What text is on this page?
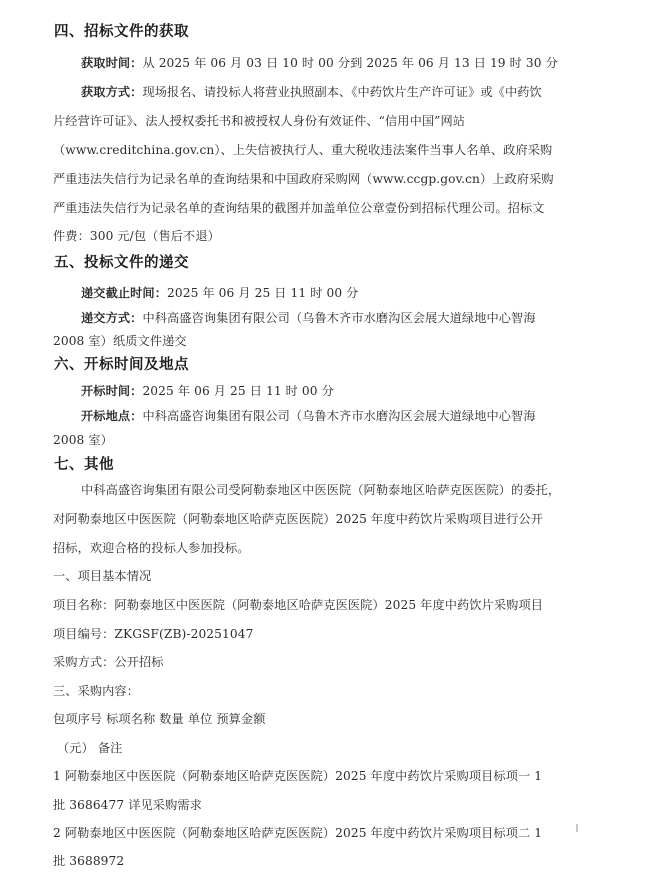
四、招标文件的获取
获取时间：从 2025 年 06 月 03 日 10 时 00 分到 2025 年 06 月 13 日 19 时 30 分
获取方式：现场报名、请投标人将营业执照副本、《中药饮片生产许可证》或《中药饮
片经营许可证》、法人授权委托书和被授权人身份有效证件、“信用中国”网站
（www.creditchina.gov.cn）、上失信被执行人、重大税收违法案件当事人名单、政府采购
严重违法失信行为记录名单的查询结果和中国政府采购网（www.ccgp.gov.cn）上政府采购
严重违法失信行为记录名单的查询结果的截图并加盖单位公章壹份到招标代理公司。招标文
件费：300 元/包（售后不退）
五、投标文件的递交
递交截止时间：2025 年 06 月 25 日 11 时 00 分
递交方式：中科高盛咨询集团有限公司（乌鲁木齐市水磨沟区会展大道绿地中心智海
2008 室）纸质文件递交
六、开标时间及地点
开标时间：2025 年 06 月 25 日 11 时 00 分
开标地点：中科高盛咨询集团有限公司（乌鲁木齐市水磨沟区会展大道绿地中心智海
2008 室）
七、其他
中科高盛咨询集团有限公司受阿勒泰地区中医医院（阿勒泰地区哈萨克医医院）的委托，
对阿勒泰地区中医医院（阿勒泰地区哈萨克医医院）2025 年度中药饮片采购项目进行公开
招标，欢迎合格的投标人参加投标。
一、项目基本情况
项目名称：阿勒泰地区中医医院（阿勒泰地区哈萨克医医院）2025 年度中药饮片采购项目
项目编号：ZKGSF(ZB)-20251047
采购方式：公开招标
三、采购内容：
包项序号 标项名称 数量 单位 预算金额
（元） 备注
1 阿勒泰地区中医医院（阿勒泰地区哈萨克医医院）2025 年度中药饮片采购项目标项一 1
批 3686477 详见采购需求
2 阿勒泰地区中医医院（阿勒泰地区哈萨克医医院）2025 年度中药饮片采购项目标项二 1
批 3688972
